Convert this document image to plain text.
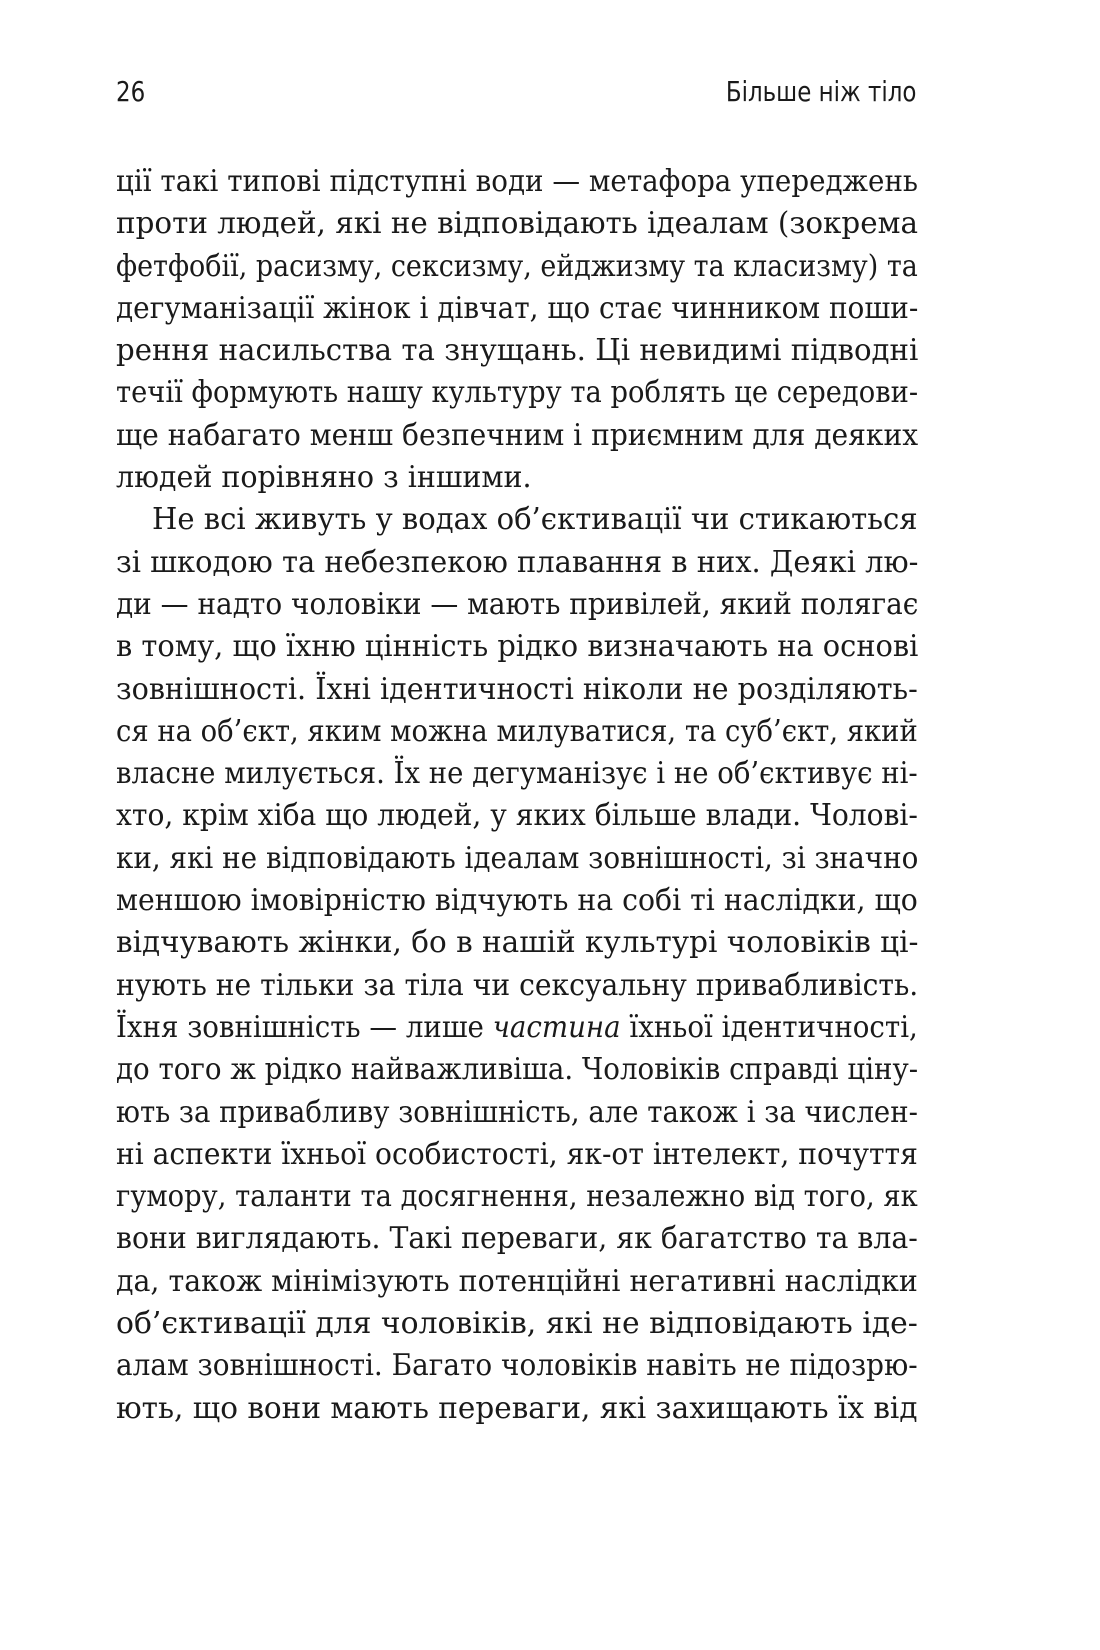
26	Більше ніж тіло
ції такі типові підступні води — метафора упереджень
проти людей, які не відповідають ідеалам (зокрема
фетфобії, расизму, сексизму, ейджизму та класизму) та
дегуманізації жінок і дівчат, що стає чинником поши-
рення насильства та знущань. Ці невидимі підводні
течії формують нашу культуру та роблять це середови-
ще набагато менш безпечним і приємним для деяких
людей порівняно з іншими.
Не всі живуть у водах об’єктивації чи стикаються
зі шкодою та небезпекою плавання в них. Деякі лю-
ди — надто чоловіки — мають привілей, який полягає
в тому, що їхню цінність рідко визначають на основі
зовнішності. Їхні ідентичності ніколи не розділяють-
ся на об’єкт, яким можна милуватися, та суб’єкт, який
власне милується. Їх не дегуманізує і не об’єктивує ні-
хто, крім хіба що людей, у яких більше влади. Чолові-
ки, які не відповідають ідеалам зовнішності, зі значно
меншою імовірністю відчують на собі ті наслідки, що
відчувають жінки, бо в нашій культурі чоловіків ці-
нують не тільки за тіла чи сексуальну привабливість.
Їхня зовнішність — лише частина їхньої ідентичності,
до того ж рідко найважливіша. Чоловіків справді ціну-
ють за привабливу зовнішність, але також і за числен-
ні аспекти їхньої особистості, як-от інтелект, почуття
гумору, таланти та досягнення, незалежно від того, як
вони виглядають. Такі переваги, як багатство та вла-
да, також мінімізують потенційні негативні наслідки
об’єктивації для чоловіків, які не відповідають іде-
алам зовнішності. Багато чоловіків навіть не підозрю-
ють, що вони мають переваги, які захищають їх від
